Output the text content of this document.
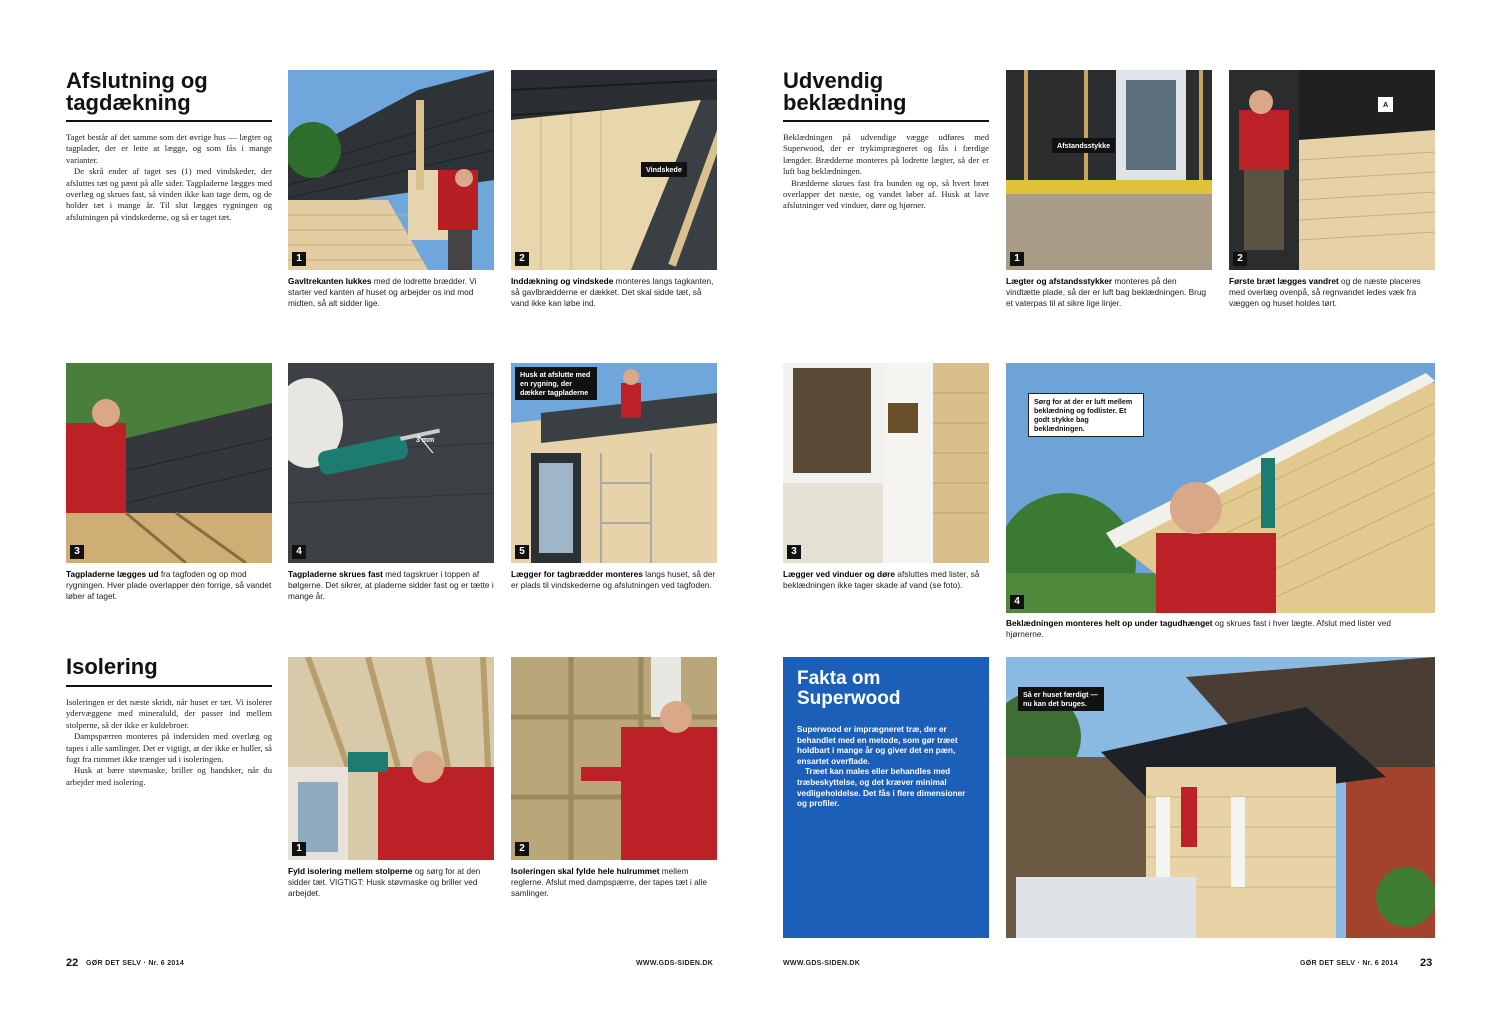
Afslutning og
tagdækning

Taget består af det samme som det øvrige hus — lægter og tagplader, der er lette at lægge, og som fås i mange varianter.

De skrå ender af taget ses (1) med vindskeder, der afsluttes tæt og pænt på alle sider. Tagpladerne lægges med overlæg og skrues fast, så vinden ikke kan tage dem, og de holder tæt i mange år. Til slut lægges rygningen og afslutningen på vindskederne, og så er taget tæt.

1

Gavltrekanten lukkes med de lodrette brædder. Vi starter ved kanten af huset og arbejder os ind mod midten, så alt sidder lige.

Vindskede
2

Inddækning og vindskede monteres langs tagkanten, så gavlbrædderne er dækket. Det skal sidde tæt, så vand ikke kan løbe ind.

3

Tagpladerne lægges ud fra tagfoden og op mod rygningen. Hver plade overlapper den forrige, så vandet løber af taget.

3 mm
4

Tagpladerne skrues fast med tagskruer i toppen af bølgerne. Det sikrer, at pladerne sidder fast og er tætte i mange år.

Husk at afslutte med en rygning, der dækker tagpladerne
5

Lægger for tagbrædder monteres langs huset, så der er plads til vindskederne og afslutningen ved tagfoden.

Isolering

Isoleringen er det næste skridt, når huset er tæt. Vi isolerer ydervæggene med mineraluld, der passer ind mellem stolperne, så der ikke er kuldebroer.

Dampspærren monteres på indersiden med overlæg og tapes i alle samlinger. Det er vigtigt, at der ikke er huller, så fugt fra rummet ikke trænger ud i isoleringen.

Husk at bære støvmaske, briller og handsker, når du arbejder med isolering.

1

Fyld isolering mellem stolperne og sørg for at den sidder tæt. VIGTIGT: Husk støvmaske og briller ved arbejdet.

2

Isoleringen skal fylde hele hulrummet mellem reglerne. Afslut med dampspærre, der tapes tæt i alle samlinger.

22 GØR DET SELV · Nr. 6 2014	WWW.GDS-SIDEN.DK
Udvendig
beklædning

Beklædningen på udvendige vægge udføres med Superwood, der er trykimprægneret og fås i færdige længder. Brædderne monteres på lodrette lægter, så der er luft bag beklædningen.

Brædderne skrues fast fra bunden og op, så hvert bræt overlapper det næste, og vandet løber af. Husk at lave afslutninger ved vinduer, døre og hjørner.

Afstandsstykke
1

Lægter og afstandsstykker monteres på den vindtætte plade, så der er luft bag beklædningen. Brug et vaterpas til at sikre lige linjer.

A
2

Første bræt lægges vandret og de næste placeres med overlæg ovenpå, så regnvandet ledes væk fra væggen og huset holdes tørt.

3

Lægger ved vinduer og døre afsluttes med lister, så beklædningen ikke tager skade af vand (se foto).

Sørg for at der er luft mellem beklædning og fodlister. Et godt stykke bag beklædningen.
4

Beklædningen monteres helt op under tagudhænget og skrues fast i hver lægte. Afslut med lister ved hjørnerne.

Fakta om
Superwood

Superwood er imprægneret træ, der er behandlet med en metode, som gør træet holdbart i mange år og giver det en pæn, ensartet overflade.

Træet kan males eller behandles med træbeskyttelse, og det kræver minimal vedligeholdelse. Det fås i flere dimensioner og profiler.

Så er huset færdigt — nu kan det bruges.
WWW.GDS-SIDEN.DK	GØR DET SELV · Nr. 6 2014 23
